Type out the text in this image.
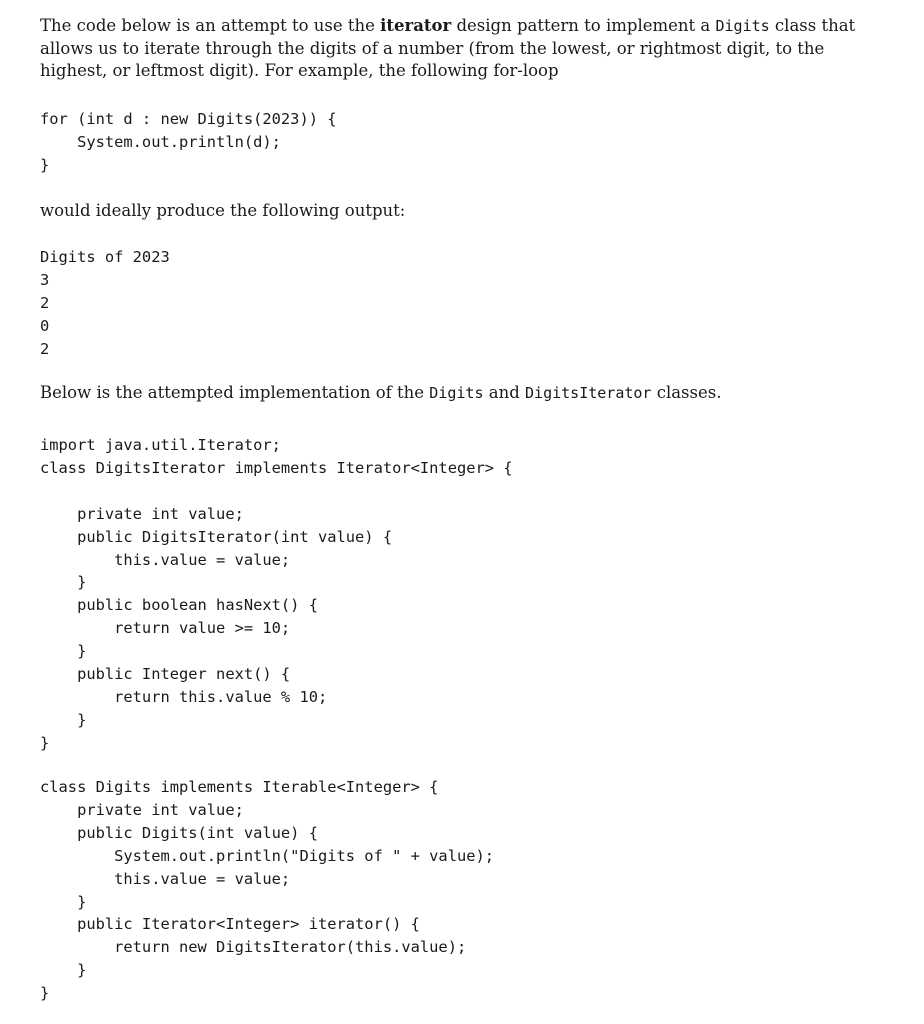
The code below is an attempt to use the iterator design pattern to implement a Digits class that allows us to iterate through the digits of a number (from the lowest, or rightmost digit, to the highest, or leftmost digit). For example, the following for-loop

for (int d : new Digits(2023)) {
System.out.println(d);
}

would ideally produce the following output:

Digits of 2023
3
2
0
2

Below is the attempted implementation of the Digits and DigitsIterator classes.

import java.util.Iterator;
class DigitsIterator implements Iterator<Integer> {

private int value;
public DigitsIterator(int value) {
this.value = value;
}
public boolean hasNext() {
return value >= 10;
}
public Integer next() {
return this.value % 10;
}
}
class Digits implements Iterable<Integer> {
private int value;
public Digits(int value) {
System.out.println("Digits of " + value);
this.value = value;
}
public Iterator<Integer> iterator() {
return new DigitsIterator(this.value);
}
}
